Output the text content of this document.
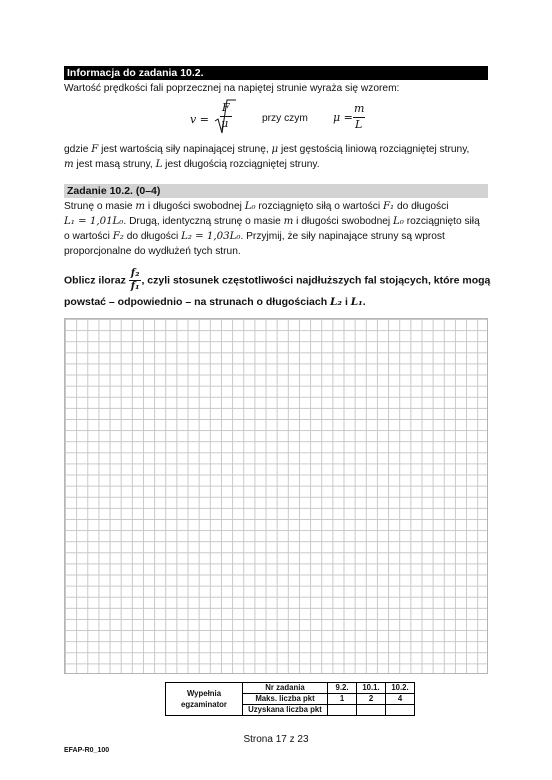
Informacja do zadania 10.2.
Wartość prędkości fali poprzecznej na napiętej strunie wyraża się wzorem:
v =
F
μ	przy czym μ =
m
L
gdzie F jest wartością siły napinającej strunę, μ jest gęstością liniową rozciągniętej struny,
m jest masą struny, L jest długością rozciągniętej struny.
Zadanie 10.2. (0–4)
Strunę o masie m i długości swobodnej L₀ rozciągnięto siłą o wartości F₁ do długości
L₁ = 1,01L₀. Drugą, identyczną strunę o masie m i długości swobodnej L₀ rozciągnięto siłą
o wartości F₂ do długości L₂ = 1,03L₀. Przyjmij, że siły napinające struny są wprost
proporcjonalne do wydłużeń tych strun.
Oblicz iloraz $\frac{\text{f₂}}{\text{f₁}}$ , czyli stosunek częstotliwości najdłuższych fal stojących, które mogą
powstać – odpowiednio – na strunach o długościach L₂ i L₁.
Wypełnia
egzaminator	Nr zadania	9.2.	10.1.	10.2.
	Maks. liczba pkt	1	2	4
	Uzyskana liczba pkt			
Strona 17 z 23
EFAP-R0_100
